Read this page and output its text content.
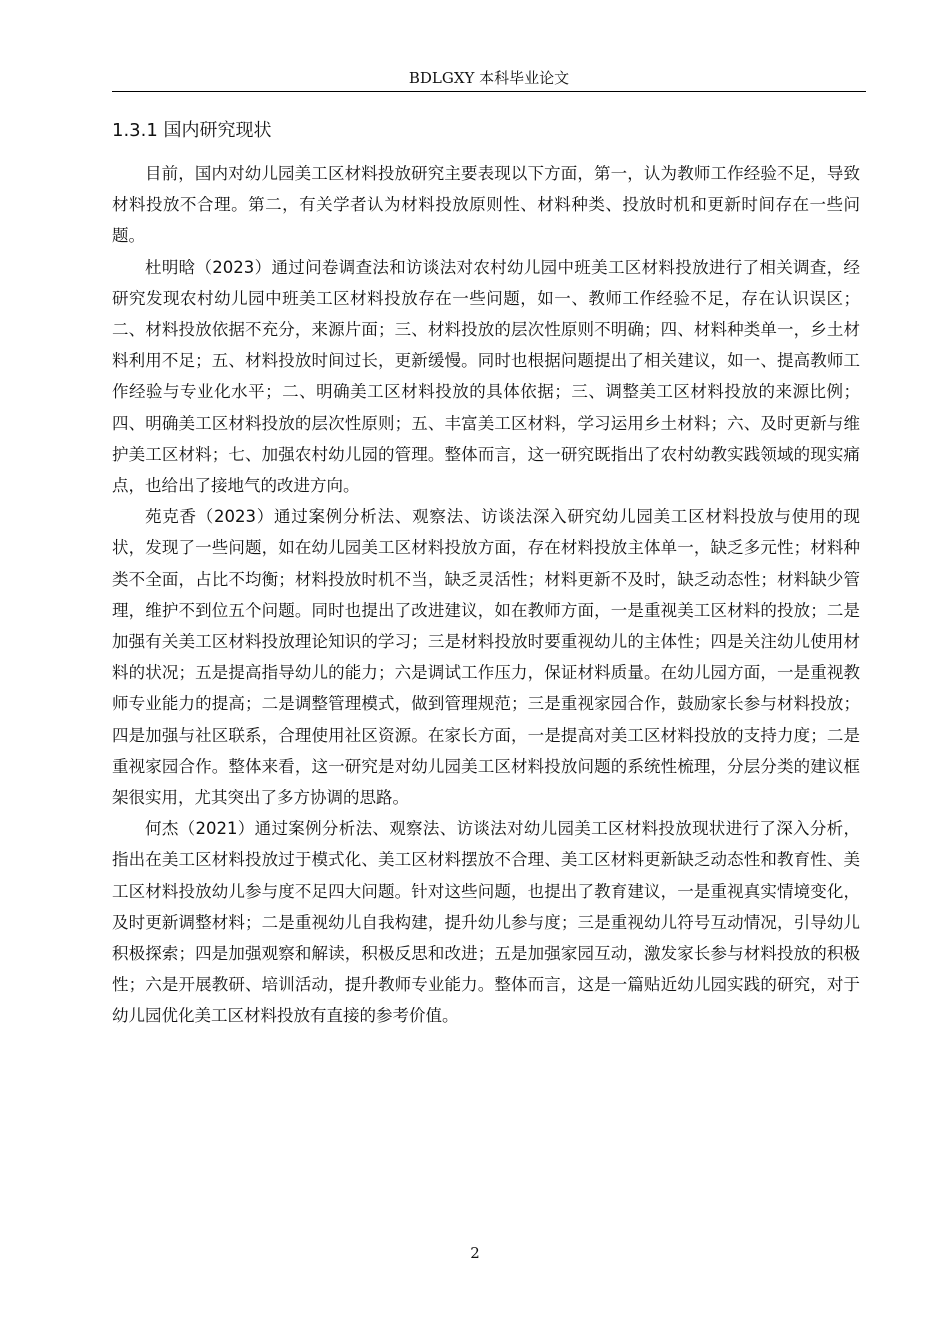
BDLGXY 本科毕业论文
1.3.1 国内研究现状

目前，国内对幼儿园美工区材料投放研究主要表现以下方面，第一，认为教师工作经验不足，导致材料投放不合理。第二，有关学者认为材料投放原则性、材料种类、投放时机和更新时间存在一些问题。

杜明晗（2023）通过问卷调查法和访谈法对农村幼儿园中班美工区材料投放进行了相关调查，经研究发现农村幼儿园中班美工区材料投放存在一些问题，如一、教师工作经验不足，存在认识误区；二、材料投放依据不充分，来源片面；三、材料投放的层次性原则不明确；四、材料种类单一，乡土材料利用不足；五、材料投放时间过长，更新缓慢。同时也根据问题提出了相关建议，如一、提高教师工作经验与专业化水平；二、明确美工区材料投放的具体依据；三、调整美工区材料投放的来源比例；四、明确美工区材料投放的层次性原则；五、丰富美工区材料，学习运用乡土材料；六、及时更新与维护美工区材料；七、加强农村幼儿园的管理。整体而言，这一研究既指出了农村幼教实践领域的现实痛点，也给出了接地气的改进方向。

苑克香（2023）通过案例分析法、观察法、访谈法深入研究幼儿园美工区材料投放与使用的现状，发现了一些问题，如在幼儿园美工区材料投放方面，存在材料投放主体单一，缺乏多元性；材料种类不全面，占比不均衡；材料投放时机不当，缺乏灵活性；材料更新不及时，缺乏动态性；材料缺少管理，维护不到位五个问题。同时也提出了改进建议，如在教师方面，一是重视美工区材料的投放；二是加强有关美工区材料投放理论知识的学习；三是材料投放时要重视幼儿的主体性；四是关注幼儿使用材料的状况；五是提高指导幼儿的能力；六是调试工作压力，保证材料质量。在幼儿园方面，一是重视教师专业能力的提高；二是调整管理模式，做到管理规范；三是重视家园合作，鼓励家长参与材料投放；四是加强与社区联系，合理使用社区资源。在家长方面，一是提高对美工区材料投放的支持力度；二是重视家园合作。整体来看，这一研究是对幼儿园美工区材料投放问题的系统性梳理，分层分类的建议框架很实用，尤其突出了多方协调的思路。

何杰（2021）通过案例分析法、观察法、访谈法对幼儿园美工区材料投放现状进行了深入分析，指出在美工区材料投放过于模式化、美工区材料摆放不合理、美工区材料更新缺乏动态性和教育性、美工区材料投放幼儿参与度不足四大问题。针对这些问题，也提出了教育建议，一是重视真实情境变化，及时更新调整材料；二是重视幼儿自我构建，提升幼儿参与度；三是重视幼儿符号互动情况，引导幼儿积极探索；四是加强观察和解读，积极反思和改进；五是加强家园互动，激发家长参与材料投放的积极性；六是开展教研、培训活动，提升教师专业能力。整体而言，这是一篇贴近幼儿园实践的研究，对于幼儿园优化美工区材料投放有直接的参考价值。

2
